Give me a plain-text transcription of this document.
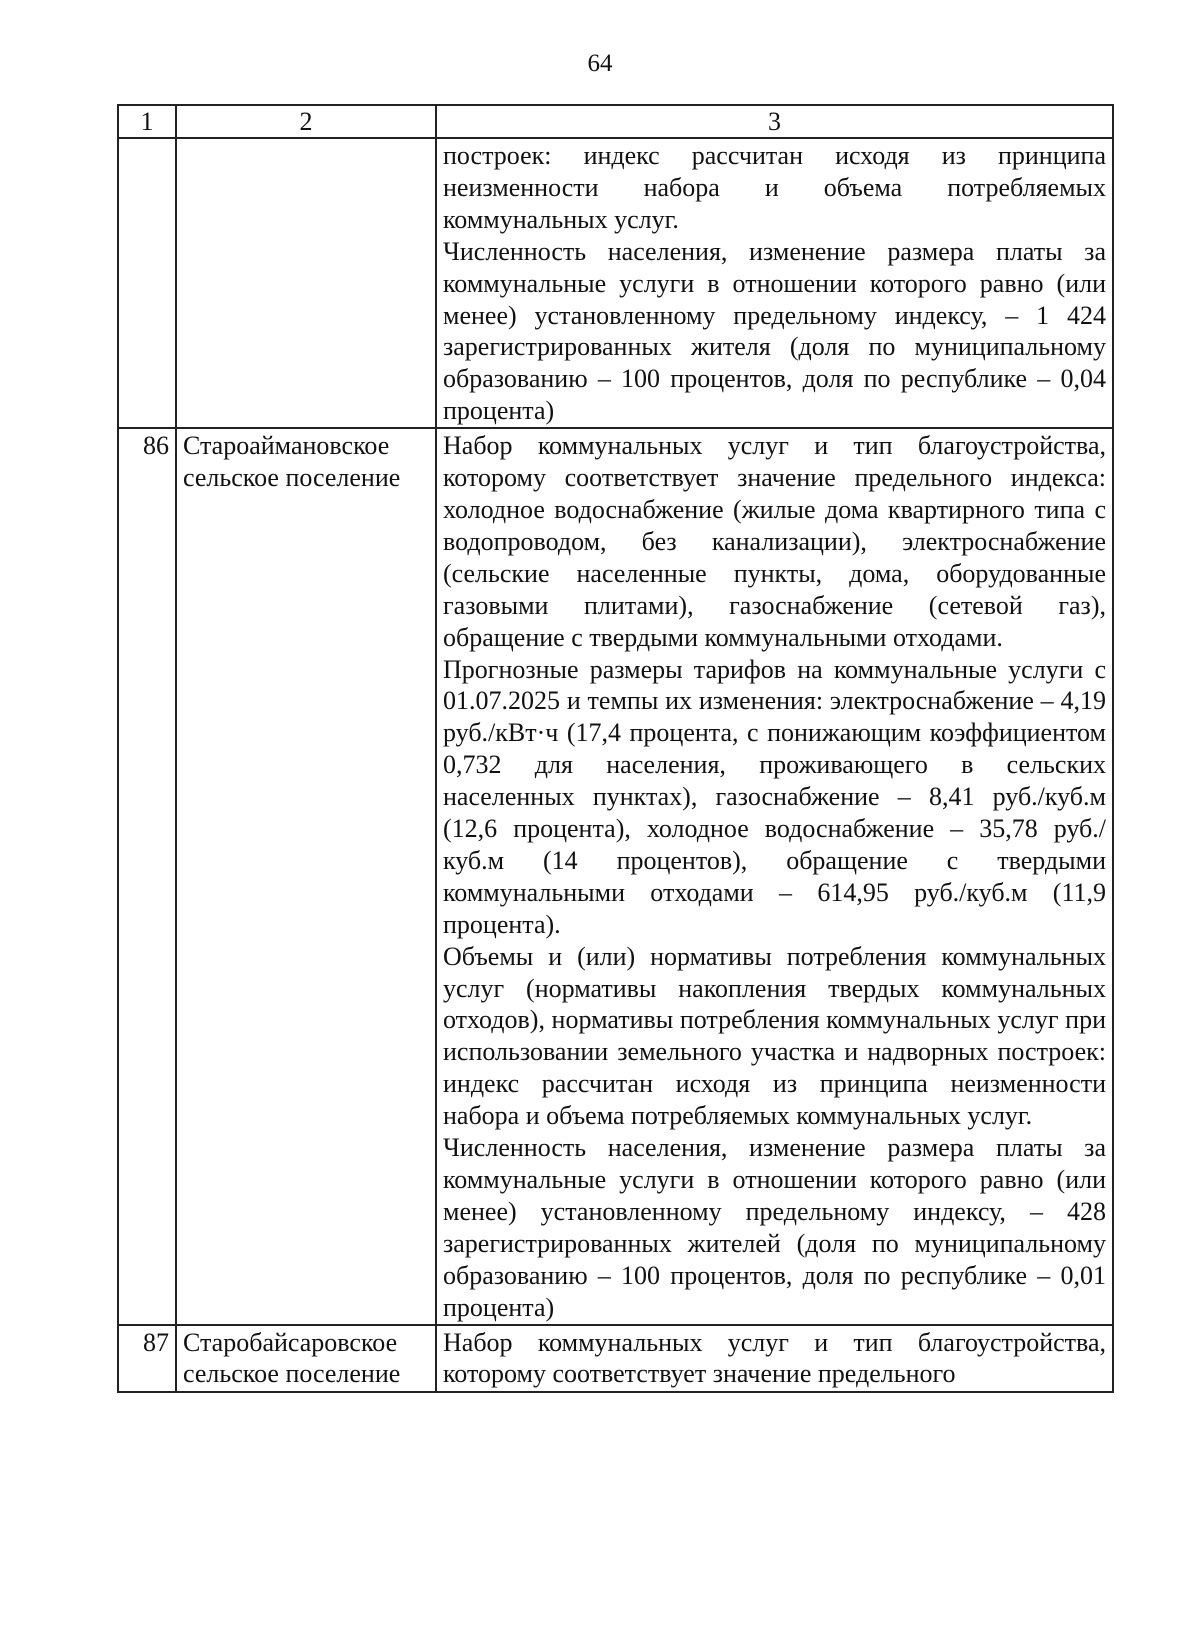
64
1	2	3

		построек: индекс рассчитан исходя из принципа неизменности набора и объема потребляемых коммунальных услуг.
Численность населения, изменение размера платы за коммунальные услуги в отношении которого равно (или менее) установленному предельному индексу, – 1 424 зарегистрированных жителя (доля по муниципальному образованию – 100 процентов, доля по республике – 0,04 процента)

86	Староаймановское
сельское поселение	Набор коммунальных услуг и тип благоустройства, которому соответствует значение предельного индекса: холодное водоснабжение (жилые дома квартирного типа с водопроводом, без канализации), электроснабжение (сельские населенные пункты, дома, оборудованные газовыми плитами), газоснабжение (сетевой газ), обращение с твердыми коммунальными отходами.
Прогнозные размеры тарифов на коммунальные услуги с 01.07.2025 и темпы их изменения: электроснабжение – 4,19 руб./кВт·ч (17,4 процента, с понижающим коэффициентом 0,732 для населения, проживающего в сельских населенных пунктах), газоснабжение – 8,41 руб./куб.м (12,6 процента), холодное водоснабжение – 35,78 руб./куб.м (14 процентов), обращение с твердыми коммунальными отходами – 614,95 руб./куб.м (11,9 процента).
Объемы и (или) нормативы потребления коммунальных услуг (нормативы накопления твердых коммунальных отходов), нормативы потребления коммунальных услуг при использовании земельного участка и надворных построек: индекс рассчитан исходя из принципа неизменности набора и объема потребляемых коммунальных услуг.
Численность населения, изменение размера платы за коммунальные услуги в отношении которого равно (или менее) установленному предельному индексу, – 428 зарегистрированных жителей (доля по муниципальному образованию – 100 процентов, доля по республике – 0,01 процента)

87	Старобайсаровское
сельское поселение	Набор коммунальных услуг и тип благоустройства, которому соответствует значение предельного
